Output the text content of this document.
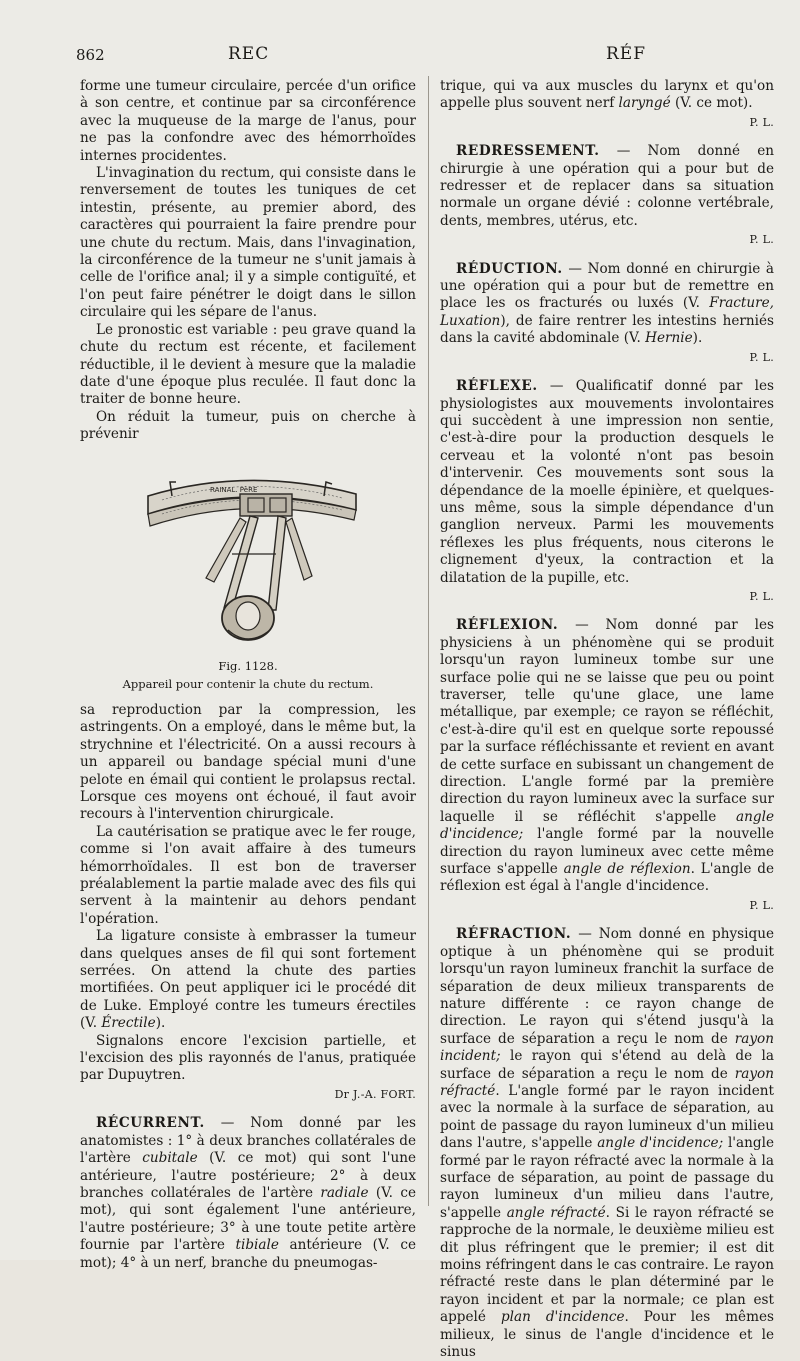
862	REC	RÉF

forme une tumeur circulaire, percée d'un orifice à son centre, et continue par sa circonférence avec la muqueuse de la marge de l'anus, pour ne pas la confondre avec des hémorrhoïdes internes procidentes.

L'invagination du rectum, qui consiste dans le renversement de toutes les tuniques de cet intestin, présente, au premier abord, des caractères qui pourraient la faire prendre pour une chute du rectum. Mais, dans l'invagination, la circonférence de la tumeur ne s'unit jamais à celle de l'orifice anal; il y a simple contiguïté, et l'on peut faire pénétrer le doigt dans le sillon circulaire qui les sépare de l'anus.

Le pronostic est variable : peu grave quand la chute du rectum est récente, et facilement réductible, il le devient à mesure que la maladie date d'une époque plus reculée. Il faut donc la traiter de bonne heure.

On réduit la tumeur, puis on cherche à prévenir

RAINAL. PèRE
Fig. 1128.
Appareil pour contenir la chute du rectum.

sa reproduction par la compression, les astringents. On a employé, dans le même but, la strychnine et l'électricité. On a aussi recours à un appareil ou bandage spécial muni d'une pelote en émail qui contient le prolapsus rectal. Lorsque ces moyens ont échoué, il faut avoir recours à l'intervention chirurgicale.

La cautérisation se pratique avec le fer rouge, comme si l'on avait affaire à des tumeurs hémorrhoïdales. Il est bon de traverser préalablement la partie malade avec des fils qui servent à la maintenir au dehors pendant l'opération.

La ligature consiste à embrasser la tumeur dans quelques anses de fil qui sont fortement serrées. On attend la chute des parties mortifiées. On peut appliquer ici le procédé dit de Luke. Employé contre les tumeurs érectiles (V. Érectile).

Signalons encore l'excision partielle, et l'excision des plis rayonnés de l'anus, pratiquée par Dupuytren.

Dr J.-A. FORT.

RÉCURRENT. — Nom donné par les anatomistes : 1° à deux branches collatérales de l'artère cubitale (V. ce mot) qui sont l'une antérieure, l'autre postérieure; 2° à deux branches collatérales de l'artère radiale (V. ce mot), qui sont également l'une antérieure, l'autre postérieure; 3° à une toute petite artère fournie par l'artère tibiale antérieure (V. ce mot); 4° à un nerf, branche du pneumogas-

trique, qui va aux muscles du larynx et qu'on appelle plus souvent nerf laryngé (V. ce mot).

P. L.

REDRESSEMENT. — Nom donné en chirurgie à une opération qui a pour but de redresser et de replacer dans sa situation normale un organe dévié : colonne vertébrale, dents, membres, utérus, etc.

P. L.

RÉDUCTION. — Nom donné en chirurgie à une opération qui a pour but de remettre en place les os fracturés ou luxés (V. Fracture, Luxation), de faire rentrer les intestins herniés dans la cavité abdominale (V. Hernie).

P. L.

RÉFLEXE. — Qualificatif donné par les physiologistes aux mouvements involontaires qui succèdent à une impression non sentie, c'est-à-dire pour la production desquels le cerveau et la volonté n'ont pas besoin d'intervenir. Ces mouvements sont sous la dépendance de la moelle épinière, et quelques-uns même, sous la simple dépendance d'un ganglion nerveux. Parmi les mouvements réflexes les plus fréquents, nous citerons le clignement d'yeux, la contraction et la dilatation de la pupille, etc.

P. L.

RÉFLEXION. — Nom donné par les physiciens à un phénomène qui se produit lorsqu'un rayon lumineux tombe sur une surface polie qui ne se laisse que peu ou point traverser, telle qu'une glace, une lame métallique, par exemple; ce rayon se réfléchit, c'est-à-dire qu'il est en quelque sorte repoussé par la surface réfléchissante et revient en avant de cette surface en subissant un changement de direction. L'angle formé par la première direction du rayon lumineux avec la surface sur laquelle il se réfléchit s'appelle angle d'incidence; l'angle formé par la nouvelle direction du rayon lumineux avec cette même surface s'appelle angle de réflexion. L'angle de réflexion est égal à l'angle d'incidence.

P. L.

RÉFRACTION. — Nom donné en physique optique à un phénomène qui se produit lorsqu'un rayon lumineux franchit la surface de séparation de deux milieux transparents de nature différente : ce rayon change de direction. Le rayon qui s'étend jusqu'à la surface de séparation a reçu le nom de rayon incident; le rayon qui s'étend au delà de la surface de séparation a reçu le nom de rayon réfracté. L'angle formé par le rayon incident avec la normale à la surface de séparation, au point de passage du rayon lumineux d'un milieu dans l'autre, s'appelle angle d'incidence; l'angle formé par le rayon réfracté avec la normale à la surface de séparation, au point de passage du rayon lumineux d'un milieu dans l'autre, s'appelle angle réfracté. Si le rayon réfracté se rapproche de la normale, le deuxième milieu est dit plus réfringent que le premier; il est dit moins réfringent dans le cas contraire. Le rayon réfracté reste dans le plan déterminé par le rayon incident et par la normale; ce plan est appelé plan d'incidence. Pour les mêmes milieux, le sinus de l'angle d'incidence et le sinus
